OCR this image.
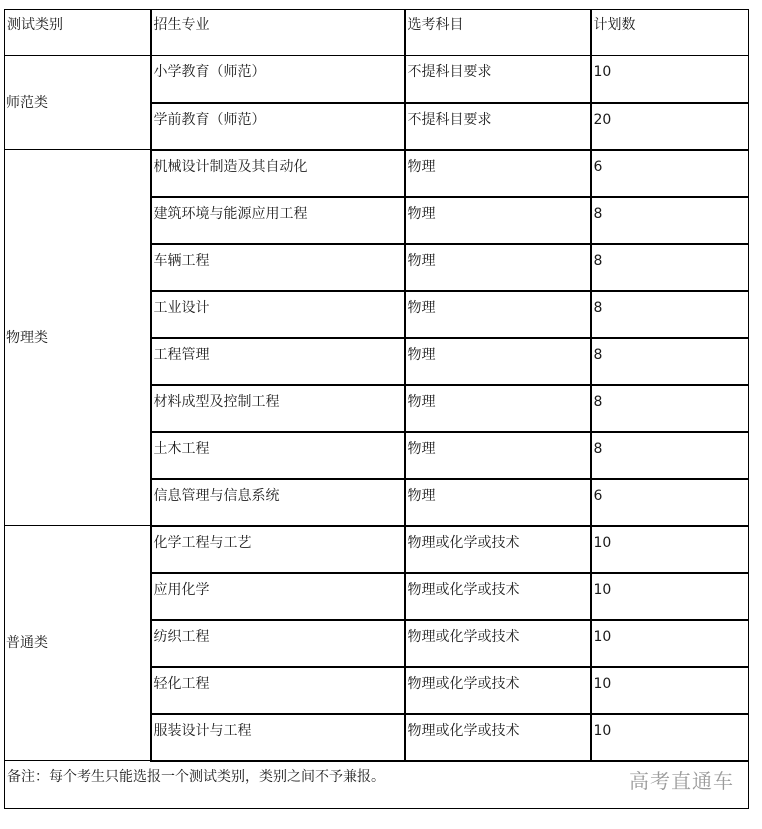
测试类别	招生专业	选考科目	计划数
师范类	小学教育（师范）	不提科目要求	10
	学前教育（师范）	不提科目要求	20
物理类	机械设计制造及其自动化	物理	6
	建筑环境与能源应用工程	物理	8
	车辆工程	物理	8
	工业设计	物理	8
	工程管理	物理	8
	材料成型及控制工程	物理	8
	土木工程	物理	8
	信息管理与信息系统	物理	6
普通类	化学工程与工艺	物理或化学或技术	10
	应用化学	物理或化学或技术	10
	纺织工程	物理或化学或技术	10
	轻化工程	物理或化学或技术	10
	服装设计与工程	物理或化学或技术	10
备注：每个考生只能选报一个测试类别，类别之间不予兼报。 高考直通车			
